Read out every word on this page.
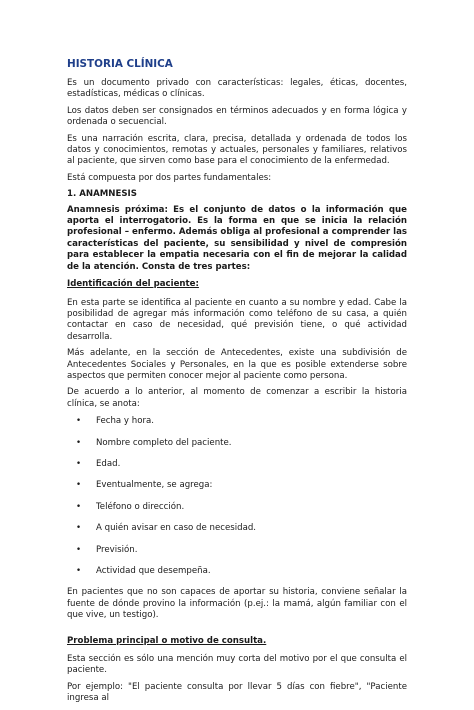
HISTORIA CLÍNICA

Es un documento privado con características: legales, éticas, docentes, estadísticas, médicas o clínicas.

Los datos deben ser consignados en términos adecuados y en forma lógica y ordenada o secuencial.

Es una narración escrita, clara, precisa, detallada y ordenada de todos los datos y conocimientos, remotas y actuales, personales y familiares, relativos al paciente, que sirven como base para el conocimiento de la enfermedad.

Está compuesta por dos partes fundamentales:

1. ANAMNESIS
Anamnesis próxima: Es el conjunto de datos o la información que aporta el interrogatorio. Es la forma en que se inicia la relación profesional – enfermo. Además obliga al profesional a comprender las características del paciente, su sensibilidad y nivel de compresión para establecer la empatia necesaria con el fin de mejorar la calidad de la atención. Consta de tres partes:
Identificación del paciente:

En esta parte se identifica al paciente en cuanto a su nombre y edad. Cabe la posibilidad de agregar más información como teléfono de su casa, a quién contactar en caso de necesidad, qué previsión tiene, o qué actividad desarrolla.

Más adelante, en la sección de Antecedentes, existe una subdivisión de Antecedentes Sociales y Personales, en la que es posible extenderse sobre aspectos que permiten conocer mejor al paciente como persona.

De acuerdo a lo anterior, al momento de comenzar a escribir la historia clínica, se anota:

• Fecha y hora.
• Nombre completo del paciente.
• Edad.
• Eventualmente, se agrega:
• Teléfono o dirección.
• A quién avisar en caso de necesidad.
• Previsión.
• Actividad que desempeña.

En pacientes que no son capaces de aportar su historia, conviene señalar la fuente de dónde provino la información (p.ej.: la mamá, algún familiar con el que vive, un testigo).

Problema principal o motivo de consulta.

Esta sección es sólo una mención muy corta del motivo por el que consulta el paciente.

Por ejemplo: "El paciente consulta por llevar 5 días con fiebre", "Paciente ingresa al
